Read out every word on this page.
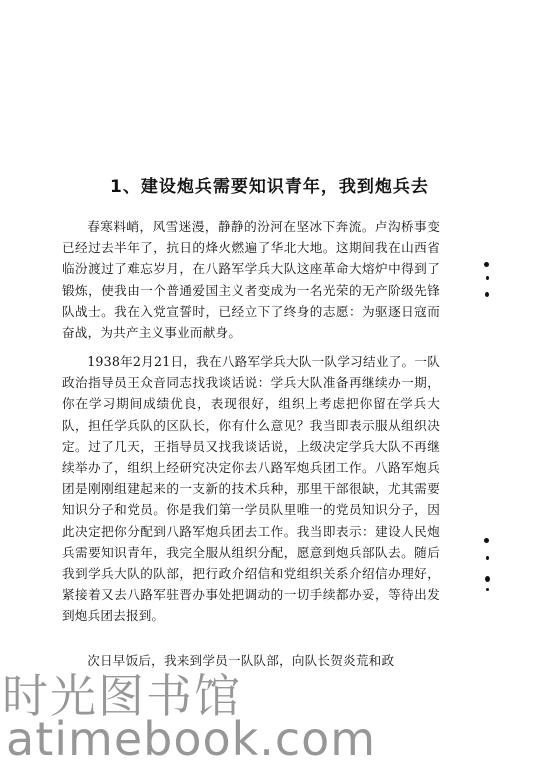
1、建设炮兵需要知识青年，我到炮兵去
春寒料峭，风雪迷漫，静静的汾河在坚冰下奔流。卢沟桥事变已经过去半年了，抗日的烽火燃遍了华北大地。这期间我在山西省临汾渡过了难忘岁月，在八路军学兵大队这座革命大熔炉中得到了锻炼，使我由一个普通爱国主义者变成为一名光荣的无产阶级先锋队战士。我在入党宣誓时，已经立下了终身的志愿：为驱逐日寇而奋战，为共产主义事业而献身。
1938年2月21日，我在八路军学兵大队一队学习结业了。一队政治指导员王众音同志找我谈话说：学兵大队准备再继续办一期，你在学习期间成绩优良，表现很好，组织上考虑把你留在学兵大队，担任学兵队的区队长，你有什么意见？我当即表示服从组织决定。过了几天，王指导员又找我谈话说，上级决定学兵大队不再继续举办了，组织上经研究决定你去八路军炮兵团工作。八路军炮兵团是刚刚组建起来的一支新的技术兵种，那里干部很缺，尤其需要知识分子和党员。你是我们第一学员队里唯一的党员知识分子，因此决定把你分配到八路军炮兵团去工作。我当即表示：建设人民炮兵需要知识青年，我完全服从组织分配，愿意到炮兵部队去。随后我到学兵大队的队部，把行政介绍信和党组织关系介绍信办理好，紧接着又去八路军驻晋办事处把调动的一切手续都办妥，等待出发到炮兵团去报到。
次日早饭后，我来到学员一队队部，向队长贺炎荒和政
时光图书馆
atimebook.com
